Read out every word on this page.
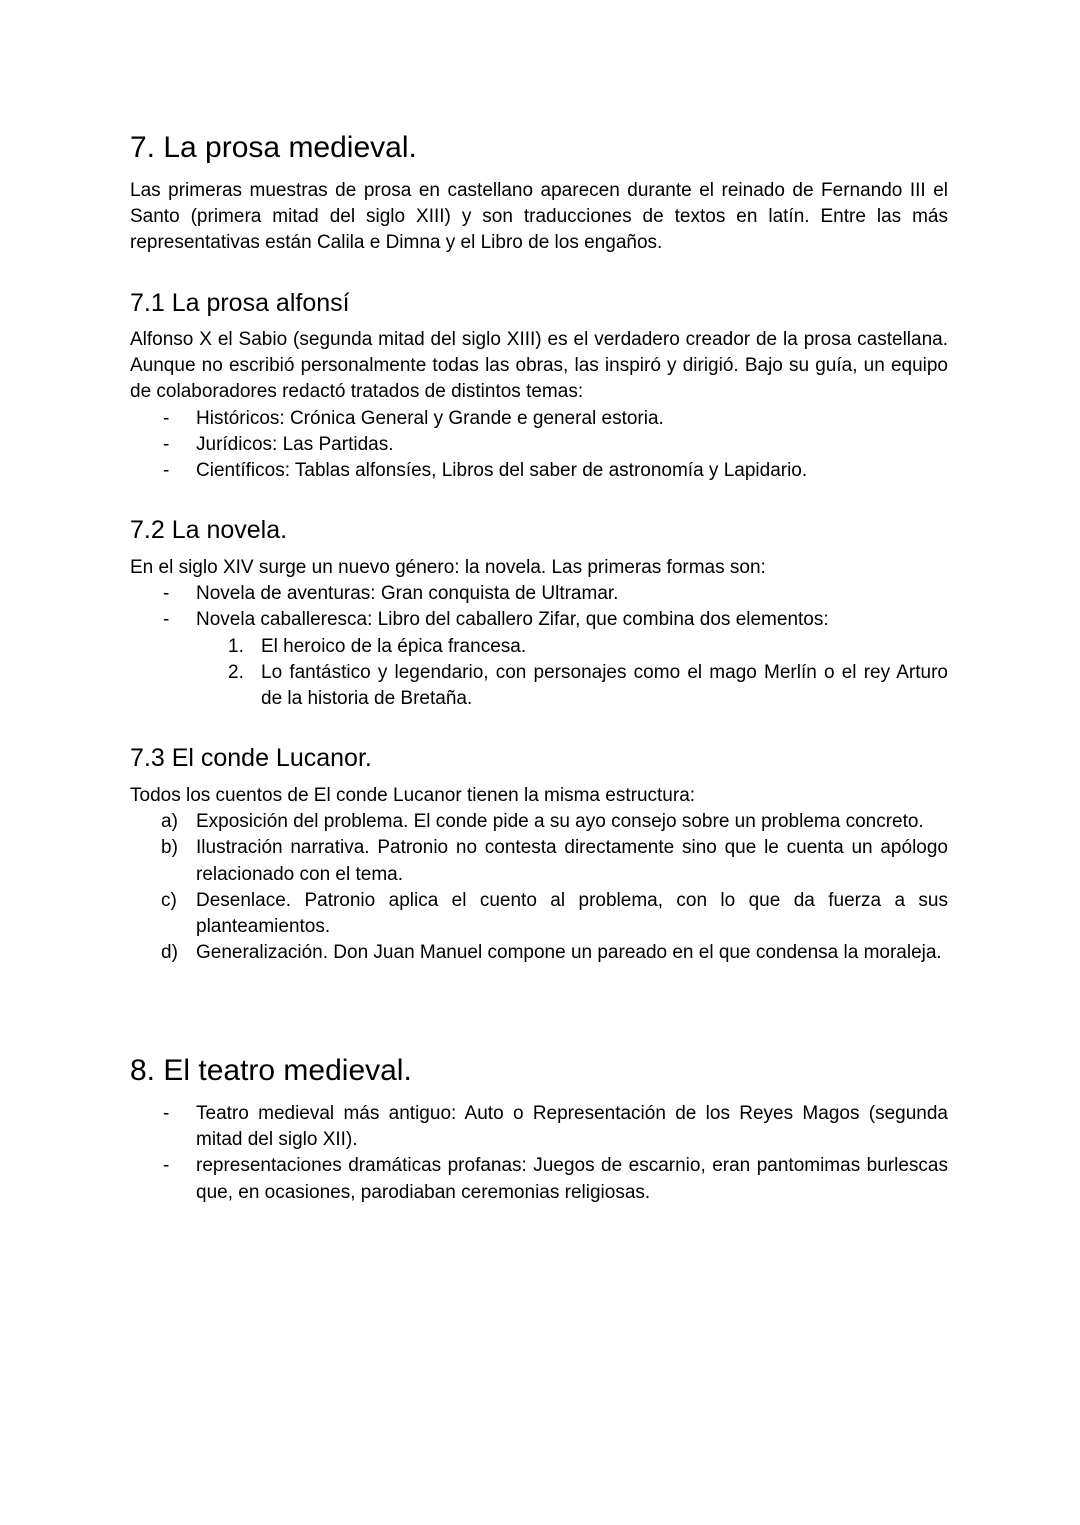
7. La prosa medieval.

Las primeras muestras de prosa en castellano aparecen durante el reinado de Fernando III el Santo (primera mitad del siglo XIII) y son traducciones de textos en latín. Entre las más representativas están Calila e Dimna y el Libro de los engaños.

7.1 La prosa alfonsí

Alfonso X el Sabio (segunda mitad del siglo XIII) es el verdadero creador de la prosa castellana. Aunque no escribió personalmente todas las obras, las inspiró y dirigió. Bajo su guía, un equipo de colaboradores redactó tratados de distintos temas:

- Históricos: Crónica General y Grande e general estoria.
- Jurídicos: Las Partidas.
- Científicos: Tablas alfonsíes, Libros del saber de astronomía y Lapidario.
7.2 La novela.

En el siglo XIV surge un nuevo género: la novela. Las primeras formas son:

- Novela de aventuras: Gran conquista de Ultramar.
- Novela caballeresca: Libro del caballero Zifar, que combina dos elementos:
1. El heroico de la épica francesa.
2. Lo fantástico y legendario, con personajes como el mago Merlín o el rey Arturo de la historia de Bretaña.
7.3 El conde Lucanor.

Todos los cuentos de El conde Lucanor tienen la misma estructura:

a) Exposición del problema. El conde pide a su ayo consejo sobre un problema concreto.
b) Ilustración narrativa. Patronio no contesta directamente sino que le cuenta un apólogo relacionado con el tema.
c) Desenlace. Patronio aplica el cuento al problema, con lo que da fuerza a sus planteamientos.
d) Generalización. Don Juan Manuel compone un pareado en el que condensa la moraleja.
8. El teatro medieval.
- Teatro medieval más antiguo: Auto o Representación de los Reyes Magos (segunda mitad del siglo XII).
- representaciones dramáticas profanas: Juegos de escarnio, eran pantomimas burlescas que, en ocasiones, parodiaban ceremonias religiosas.
